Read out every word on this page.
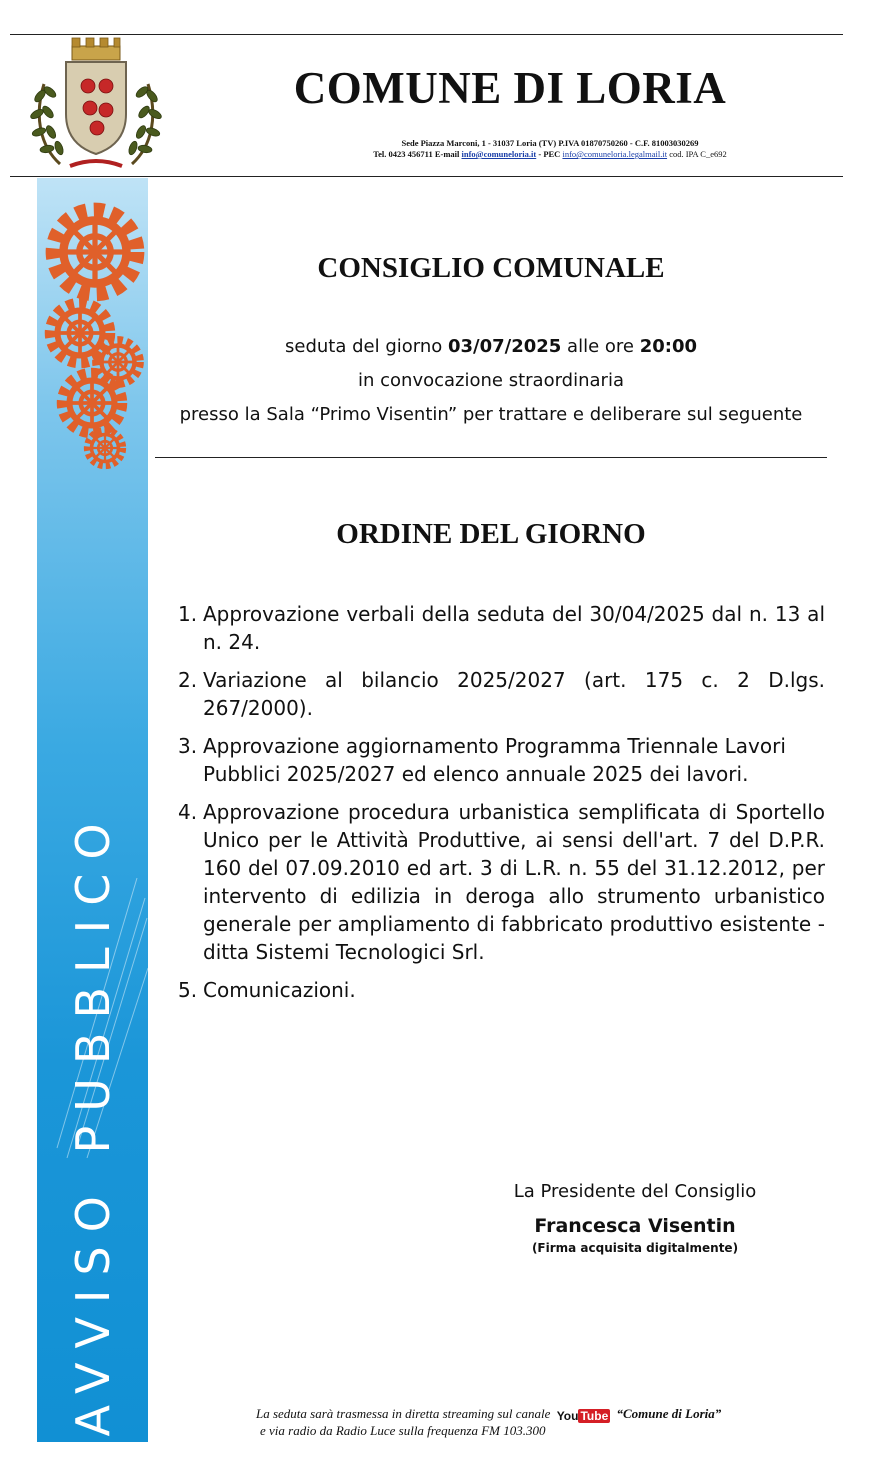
COMUNE DI LORIA
Sede Piazza Marconi, 1 - 31037 Loria (TV) P.IVA 01870750260 - C.F. 81003030269
Tel. 0423 456711 E-mail info@comuneloria.it - PEC info@comuneloria.legalmail.it cod. IPA C_e692
AVVISO PUBBLICO
CONSIGLIO COMUNALE
seduta del giorno 03/07/2025 alle ore 20:00
in convocazione straordinaria
presso la Sala “Primo Visentin” per trattare e deliberare sul seguente
ORDINE DEL GIORNO
1. Approvazione verbali della seduta del 30/04/2025 dal n. 13 al n. 24.
2. Variazione al bilancio 2025/2027 (art. 175 c. 2 D.lgs. 267/2000).
3. Approvazione aggiornamento Programma Triennale Lavori Pubblici 2025/2027 ed elenco annuale 2025 dei lavori.
4. Approvazione procedura urbanistica semplificata di Sportello Unico per le Attività Produttive, ai sensi dell'art. 7 del D.P.R. 160 del 07.09.2010 ed art. 3 di L.R. n. 55 del 31.12.2012, per intervento di edilizia in deroga allo strumento urbanistico generale per ampliamento di fabbricato produttivo esistente - ditta Sistemi Tecnologici Srl.
5. Comunicazioni.
La Presidente del Consiglio
Francesca Visentin
(Firma acquisita digitalmente)
La seduta sarà trasmessa in diretta streaming sul canale You Tube “Comune di Loria”
e via radio da Radio Luce sulla frequenza FM 103.300
